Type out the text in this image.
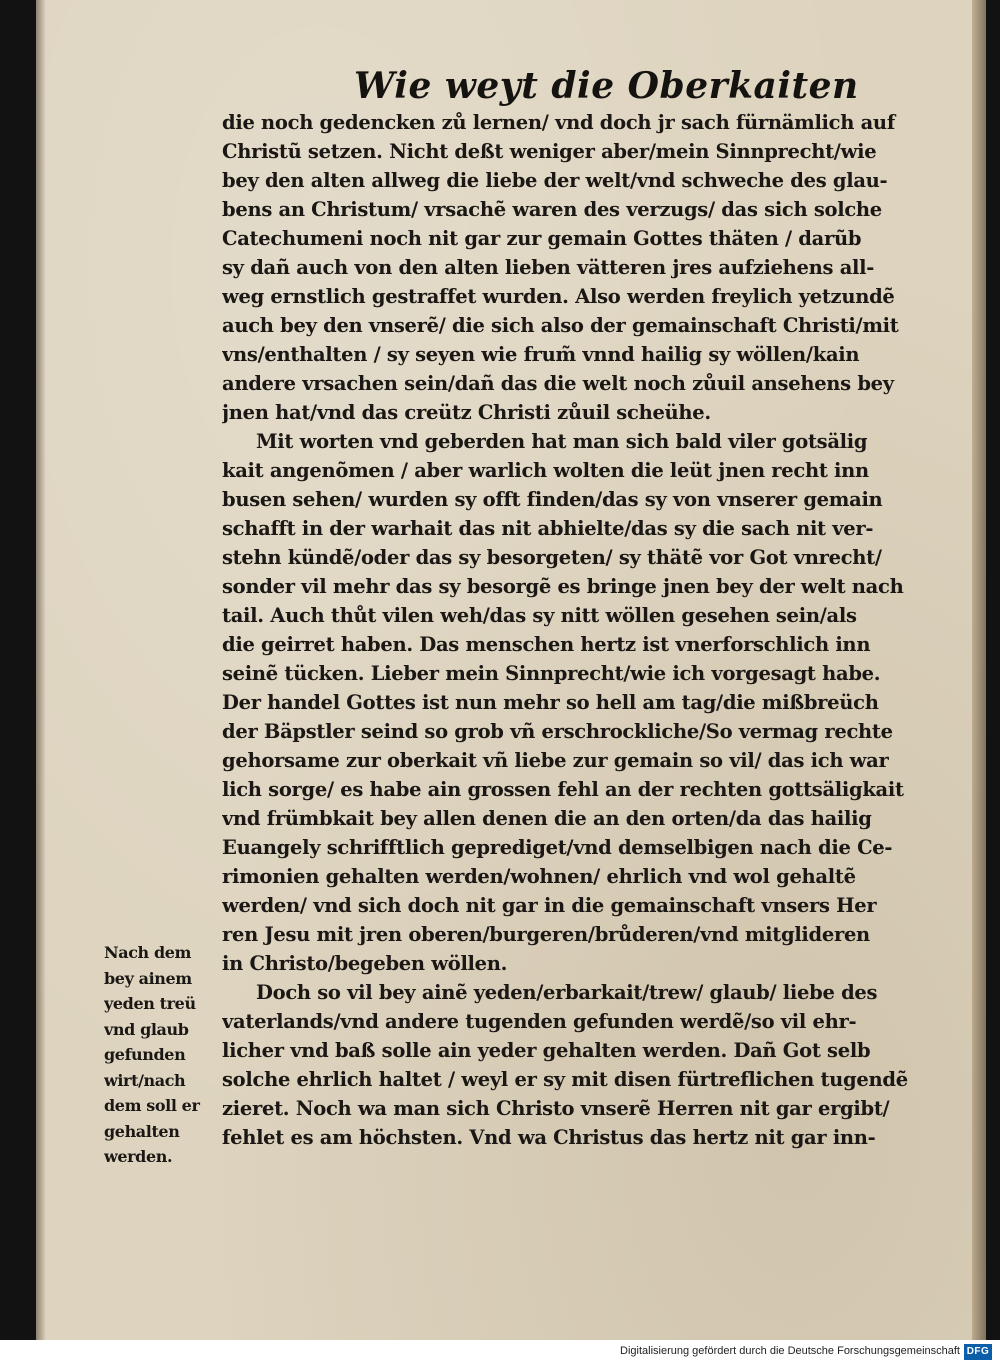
Wie weyt die Oberkaiten
die noch gedencken zů lernen/ vnd doch jr sach fürnämlich auf
Christũ setzen. Nicht deßt weniger aber/mein Sinnprecht/wie
bey den alten allweg die liebe der welt/vnd schweche des glau-
bens an Christum/ vrsachẽ waren des verzugs/ das sich solche
Catechumeni noch nit gar zur gemain Gottes thäten / darũb
sy dañ auch von den alten lieben vätteren jres aufziehens all-
weg ernstlich gestraffet wurden. Also werden freylich yetzundẽ
auch bey den vnserẽ/ die sich also der gemainschaft Christi/mit
vns/enthalten / sy seyen wie frum̃ vnnd hailig sy wöllen/kain
andere vrsachen sein/dañ das die welt noch zůuil ansehens bey
jnen hat/vnd das creütz Christi zůuil scheühe.
Mit worten vnd geberden hat man sich bald viler gotsälig
kait angenõmen / aber warlich wolten die leüt jnen recht inn
busen sehen/ wurden sy offt finden/das sy von vnserer gemain
schafft in der warhait das nit abhielte/das sy die sach nit ver-
stehn kündẽ/oder das sy besorgeten/ sy thätẽ vor Got vnrecht/
sonder vil mehr das sy besorgẽ es bringe jnen bey der welt nach
tail. Auch thůt vilen weh/das sy nitt wöllen gesehen sein/als
die geirret haben. Das menschen hertz ist vnerforschlich inn
seinẽ tücken. Lieber mein Sinnprecht/wie ich vorgesagt habe.
Der handel Gottes ist nun mehr so hell am tag/die mißbreüch
der Bäpstler seind so grob vñ erschrockliche/So vermag rechte
gehorsame zur oberkait vñ liebe zur gemain so vil/ das ich war
lich sorge/ es habe ain grossen fehl an der rechten gottsäligkait
vnd frümbkait bey allen denen die an den orten/da das hailig
Euangely schrifftlich geprediget/vnd demselbigen nach die Ce-
rimonien gehalten werden/wohnen/ ehrlich vnd wol gehaltẽ
werden/ vnd sich doch nit gar in die gemainschaft vnsers Her
ren Jesu mit jren oberen/burgeren/brůderen/vnd mitglideren
in Christo/begeben wöllen.
Doch so vil bey ainẽ yeden/erbarkait/trew/ glaub/ liebe des
vaterlands/vnd andere tugenden gefunden werdẽ/so vil ehr-
licher vnd baß solle ain yeder gehalten werden. Dañ Got selb
solche ehrlich haltet / weyl er sy mit disen fürtreflichen tugendẽ
zieret. Noch wa man sich Christo vnserẽ Herren nit gar ergibt/
fehlet es am höchsten. Vnd wa Christus das hertz nit gar inn-
Nach dem
bey ainem
yeden treü
vnd glaub
gefunden
wirt/nach
dem soll er
gehalten
werden.
Digitalisierung gefördert durch die Deutsche Forschungsgemeinschaft DFG
